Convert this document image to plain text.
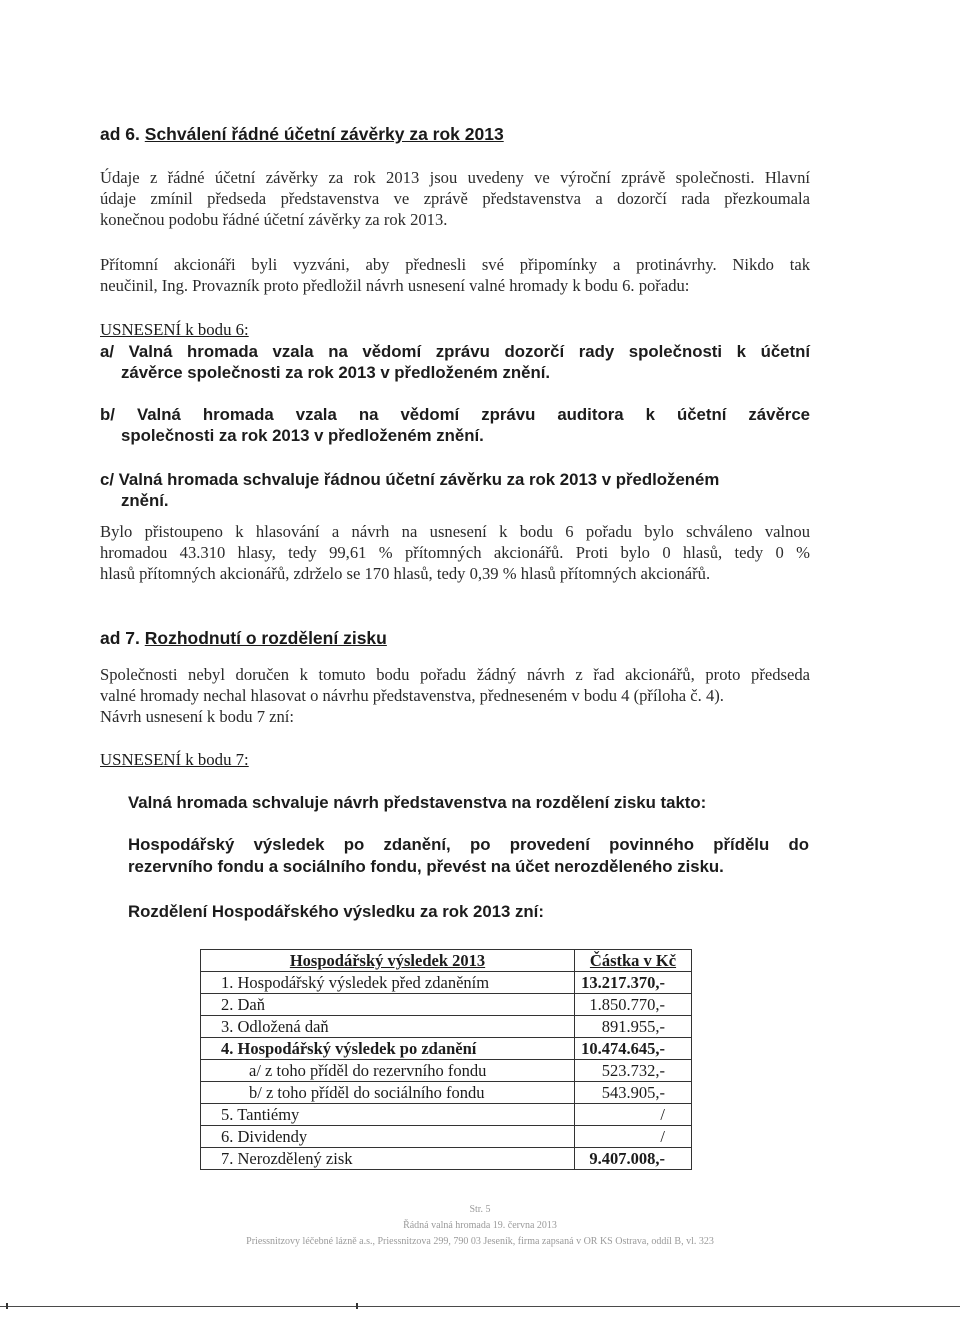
ad 6. Schválení řádné účetní závěrky za rok 2013
Údaje z řádné účetní závěrky za rok 2013 jsou uvedeny ve výroční zprávě společnosti. Hlavní
údaje zmínil předseda představenstva ve zprávě představenstva a dozorčí rada přezkoumala
konečnou podobu řádné účetní závěrky za rok 2013.
Přítomní akcionáři byli vyzváni, aby přednesli své připomínky a protinávrhy. Nikdo tak
neučinil, Ing. Provazník proto předložil návrh usnesení valné hromady k bodu 6. pořadu:
USNESENÍ k bodu 6:
a/ Valná hromada vzala na vědomí zprávu dozorčí rady společnosti k účetní
závěrce společnosti za rok 2013 v předloženém znění.
b/ Valná hromada vzala na vědomí zprávu auditora k účetní závěrce
společnosti za rok 2013 v předloženém znění.
c/ Valná hromada schvaluje řádnou účetní závěrku za rok 2013 v předloženém
znění.
Bylo přistoupeno k hlasování a návrh na usnesení k bodu 6 pořadu bylo schváleno valnou
hromadou 43.310 hlasy, tedy 99,61 % přítomných akcionářů. Proti bylo 0 hlasů, tedy 0 %
hlasů přítomných akcionářů, zdrželo se 170 hlasů, tedy 0,39 % hlasů přítomných akcionářů.
ad 7. Rozhodnutí o rozdělení zisku
Společnosti nebyl doručen k tomuto bodu pořadu žádný návrh z řad akcionářů, proto předseda
valné hromady nechal hlasovat o návrhu představenstva, předneseném v bodu 4 (příloha č. 4).
Návrh usnesení k bodu 7 zní:
USNESENÍ k bodu 7:
Valná hromada schvaluje návrh představenstva na rozdělení zisku takto:
Hospodářský výsledek po zdanění, po provedení povinného přídělu do
rezervního fondu a sociálního fondu, převést na účet nerozděleného zisku.
Rozdělení Hospodářského výsledku za rok 2013 zní:
Hospodářský výsledek 2013	Částka v Kč
1. Hospodářský výsledek před zdaněním	13.217.370,-
2. Daň	1.850.770,-
3. Odložená daň	891.955,-
4. Hospodářský výsledek po zdanění	10.474.645,-
a/ z toho příděl do rezervního fondu	523.732,-
b/ z toho příděl do sociálního fondu	543.905,-
5. Tantiémy	/
6. Dividendy	/
7. Nerozdělený zisk	9.407.008,-
Str. 5
Řádná valná hromada 19. června 2013
Priessnitzovy léčebné lázně a.s., Priessnitzova 299, 790 03 Jeseník, firma zapsaná v OR KS Ostrava, oddíl B, vl. 323
